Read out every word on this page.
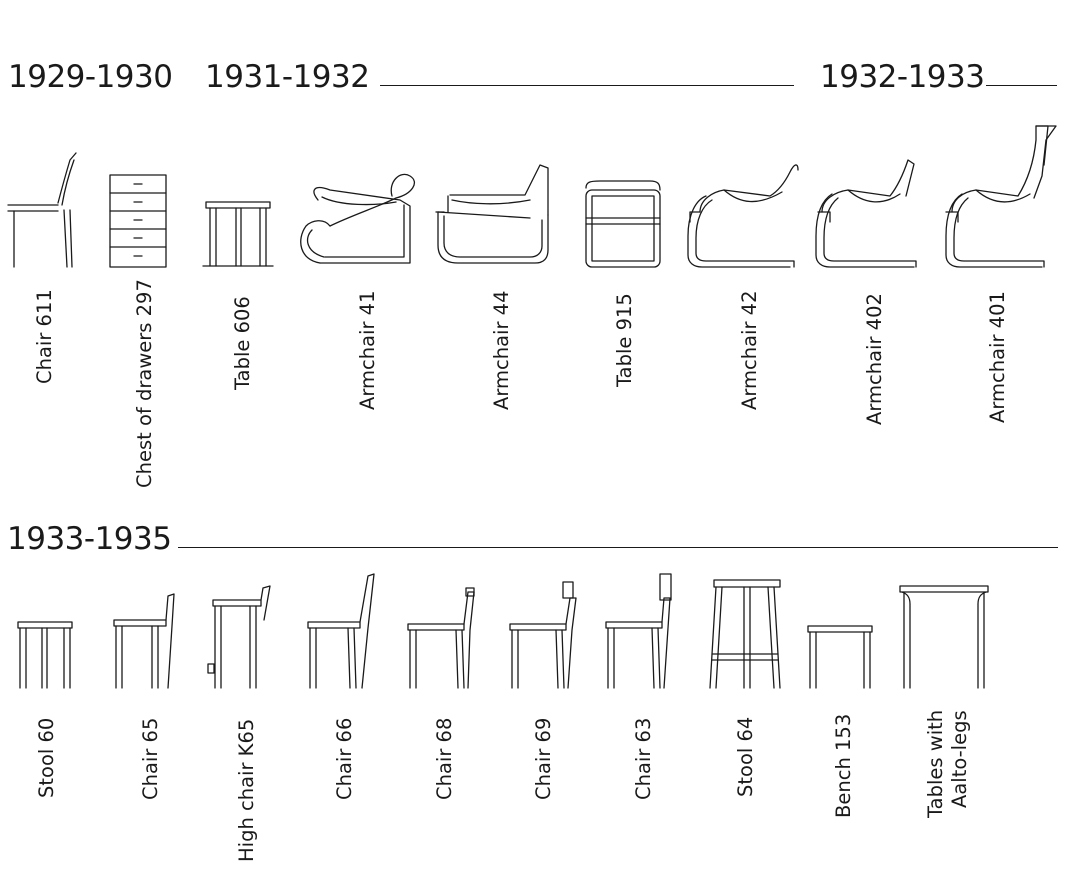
1929-1930 1931-1932	1932-1933
1933-1935
Chair 611	Chest of drawers 297	Table 606	Armchair 41	Armchair 44	Table 915	Armchair 42	Armchair 402	Armchair 401
Stool 60	Chair 65	High chair K65	Chair 66	Chair 68	Chair 69	Chair 63	Stool 64	Bench 153	Tables with Aalto-legs
